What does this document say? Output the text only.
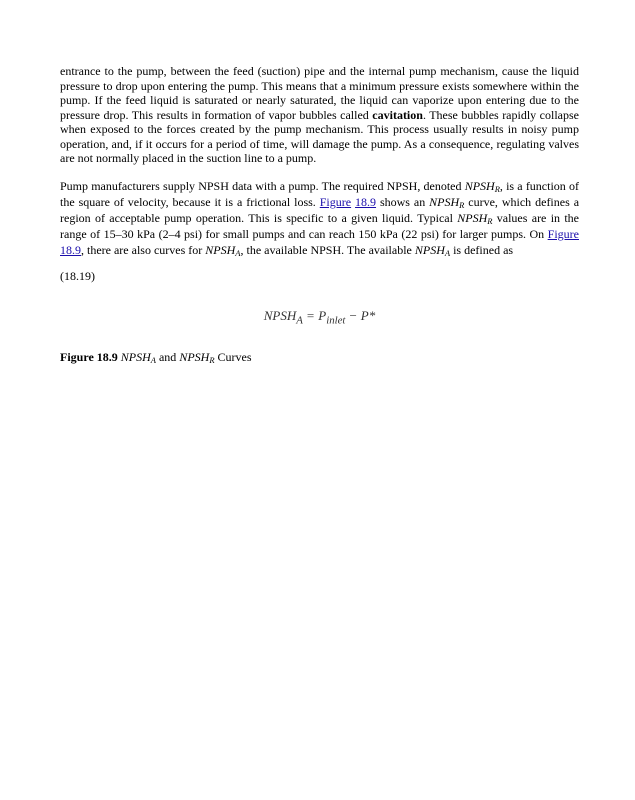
entrance to the pump, between the feed (suction) pipe and the internal pump mechanism, cause the liquid pressure to drop upon entering the pump. This means that a minimum pressure exists somewhere within the pump. If the feed liquid is saturated or nearly saturated, the liquid can vaporize upon entering due to the pressure drop. This results in formation of vapor bubbles called cavitation. These bubbles rapidly collapse when exposed to the forces created by the pump mechanism. This process usually results in noisy pump operation, and, if it occurs for a period of time, will damage the pump. As a consequence, regulating valves are not normally placed in the suction line to a pump.

Pump manufacturers supply NPSH data with a pump. The required NPSH, denoted $NPSH_R$, is a function of the square of velocity, because it is a frictional loss. Figure 18.9 shows an $NPSH_R$ curve, which defines a region of acceptable pump operation. This is specific to a given liquid. Typical $NPSH_R$ values are in the range of 15–30 kPa (2–4 psi) for small pumps and can reach 150 kPa (22 psi) for larger pumps. On Figure 18.9, there are also curves for $NPSH_A$, the available NPSH. The available $NPSH_A$ is defined as

(18.19)
$NPSH_A = P_{inlet} - P*$
Figure 18.9 $NPSH_A$ and $NPSH_R$ Curves
